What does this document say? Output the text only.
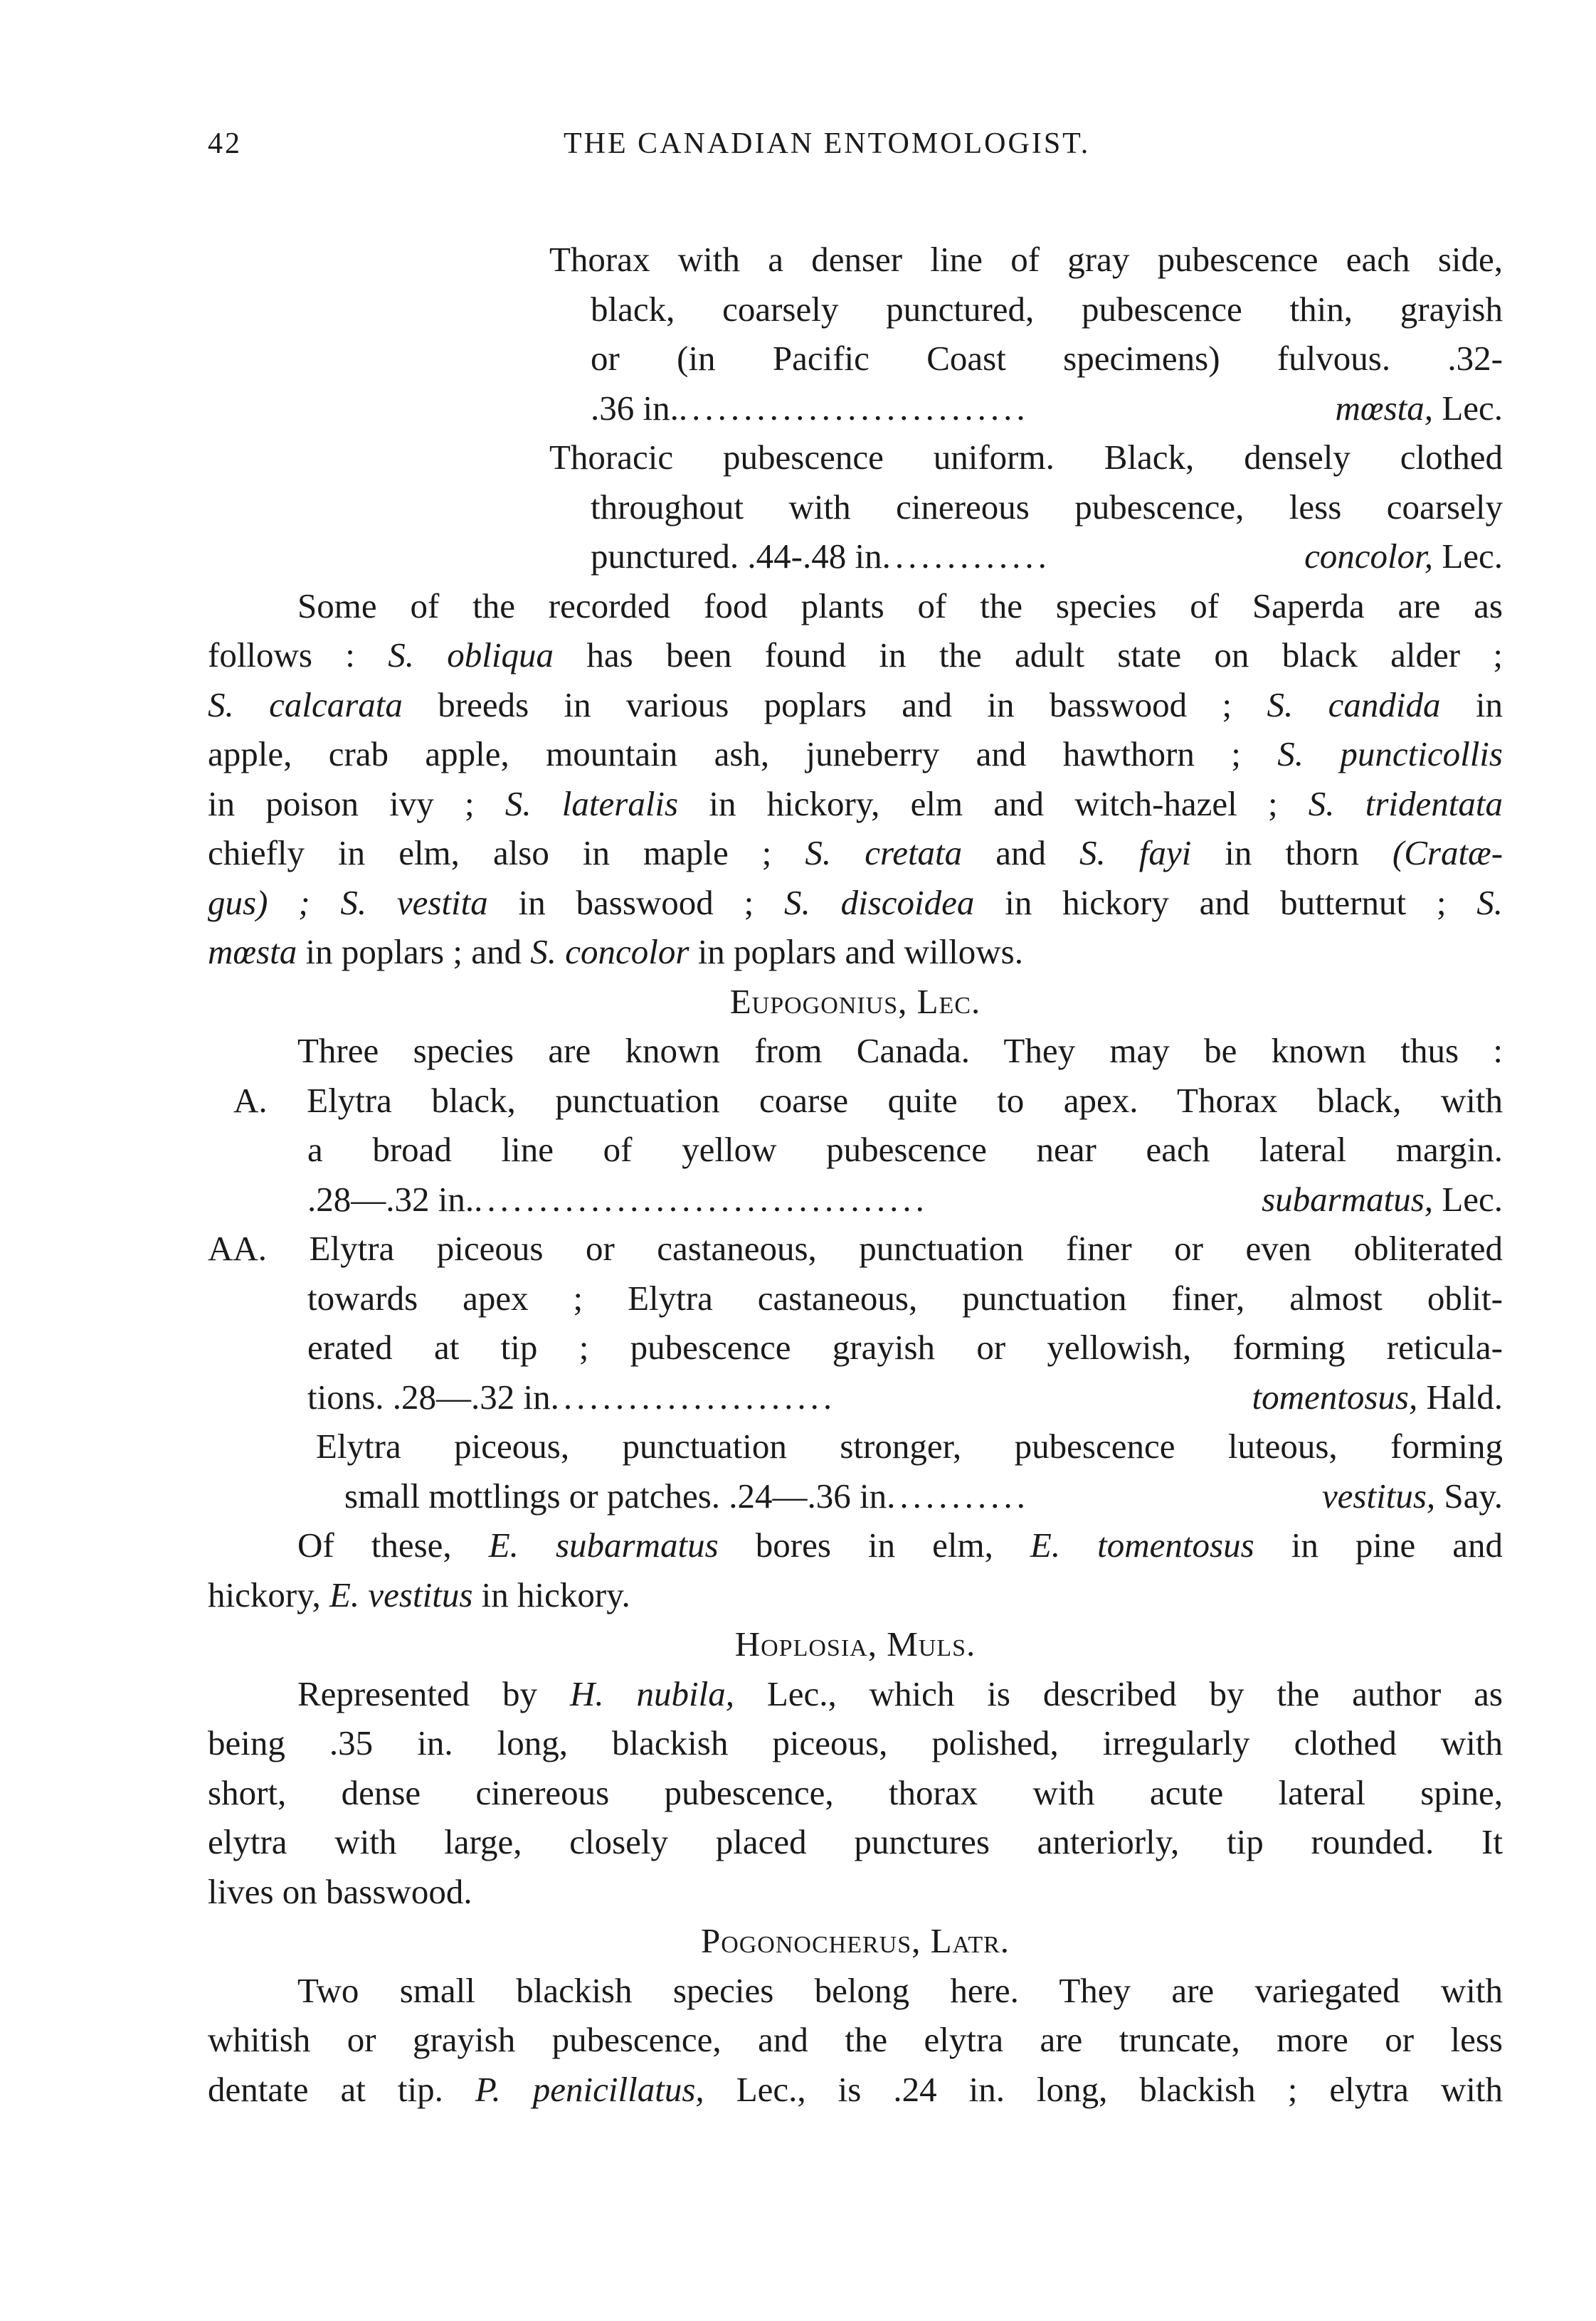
42	THE CANADIAN ENTOMOLOGIST.
Thorax with a denser line of gray pubescence each side,
black, coarsely punctured, pubescence thin, grayish
or (in Pacific Coast specimens) fulvous. .32-
.36 in............................	mœsta, Lec.
Thoracic pubescence uniform. Black, densely clothed
throughout with cinereous pubescence, less coarsely
punctured. .44-.48 in.............	concolor, Lec.
Some of the recorded food plants of the species of Saperda are as
follows : S. obliqua has been found in the adult state on black alder ;
S. calcarata breeds in various poplars and in basswood ; S. candida in
apple, crab apple, mountain ash, juneberry and hawthorn ; S. puncticollis
in poison ivy ; S. lateralis in hickory, elm and witch-hazel ; S. tridentata
chiefly in elm, also in maple ; S. cretata and S. fayi in thorn (Cratæ-
gus) ; S. vestita in basswood ; S. discoidea in hickory and butternut ; S.
mœsta in poplars ; and S. concolor in poplars and willows.
Eupogonius, Lec.
Three species are known from Canada. They may be known thus :
A. Elytra black, punctuation coarse quite to apex. Thorax black, with
a broad line of yellow pubescence near each lateral margin.
.28—.32 in....................................	subarmatus, Lec.
AA. Elytra piceous or castaneous, punctuation finer or even obliterated
towards apex ; Elytra castaneous, punctuation finer, almost oblit-
erated at tip ; pubescence grayish or yellowish, forming reticula-
tions. .28—.32 in......................	tomentosus, Hald.
Elytra piceous, punctuation stronger, pubescence luteous, forming
small mottlings or patches. .24—.36 in...........	vestitus, Say.
Of these, E. subarmatus bores in elm, E. tomentosus in pine and
hickory, E. vestitus in hickory.
Hoplosia, Muls.
Represented by H. nubila, Lec., which is described by the author as
being .35 in. long, blackish piceous, polished, irregularly clothed with
short, dense cinereous pubescence, thorax with acute lateral spine,
elytra with large, closely placed punctures anteriorly, tip rounded. It
lives on basswood.
Pogonocherus, Latr.
Two small blackish species belong here. They are variegated with
whitish or grayish pubescence, and the elytra are truncate, more or less
dentate at tip. P. penicillatus, Lec., is .24 in. long, blackish ; elytra with
